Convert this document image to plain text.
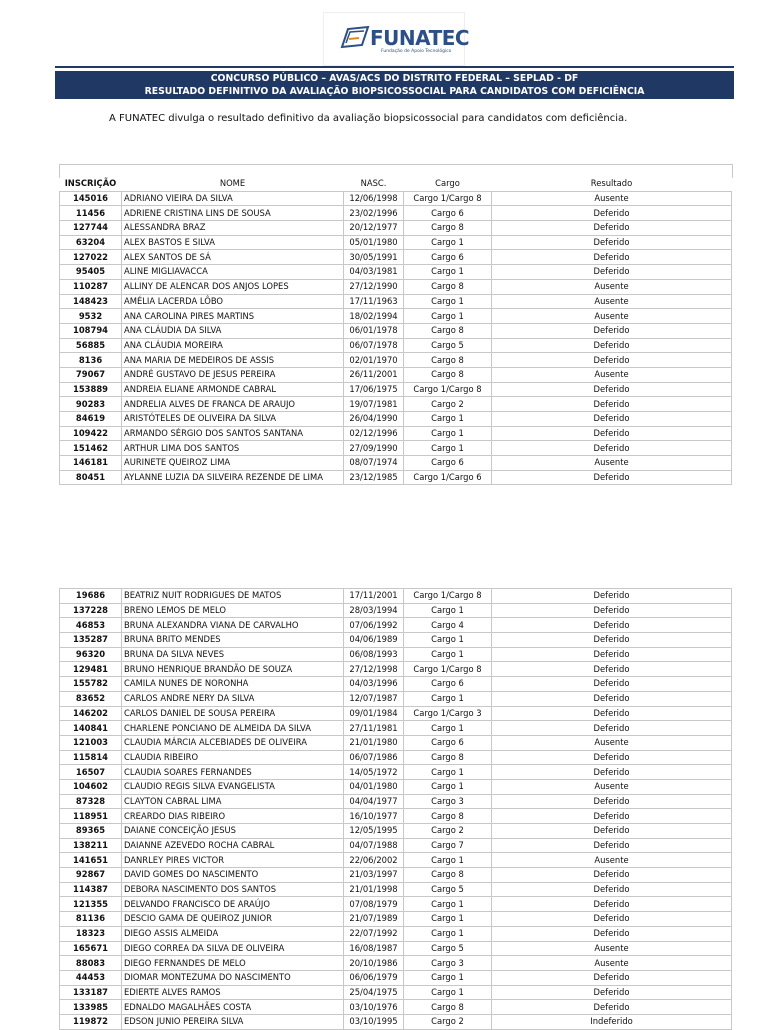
FUNATEC
Fundação de Apoio Tecnológico
CONCURSO PÚBLICO – AVAS/ACS DO DISTRITO FEDERAL – SEPLAD - DF
RESULTADO DEFINITIVO DA AVALIAÇÃO BIOPSICOSSOCIAL PARA CANDIDATOS COM DEFICIÊNCIA
A FUNATEC divulga o resultado definitivo da avaliação biopsicossocial para candidatos com deficiência.
INSCRIÇÃO	NOME	NASC.	Cargo	Resultado
145016	ADRIANO VIEIRA DA SILVA	12/06/1998	Cargo 1/Cargo 8	Ausente
11456	ADRIENE CRISTINA LINS DE SOUSA	23/02/1996	Cargo 6	Deferido
127744	ALESSANDRA BRAZ	20/12/1977	Cargo 8	Deferido
63204	ALEX BASTOS E SILVA	05/01/1980	Cargo 1	Deferido
127022	ALEX SANTOS DE SÁ	30/05/1991	Cargo 6	Deferido
95405	ALINE MIGLIAVACCA	04/03/1981	Cargo 1	Deferido
110287	ALLINY DE ALENCAR DOS ANJOS LOPES	27/12/1990	Cargo 8	Ausente
148423	AMÉLIA LACERDA LÔBO	17/11/1963	Cargo 1	Ausente
9532	ANA CAROLINA PIRES MARTINS	18/02/1994	Cargo 1	Ausente
108794	ANA CLÁUDIA DA SILVA	06/01/1978	Cargo 8	Deferido
56885	ANA CLÁUDIA MOREIRA	06/07/1978	Cargo 5	Deferido
8136	ANA MARIA DE MEDEIROS DE ASSIS	02/01/1970	Cargo 8	Deferido
79067	ANDRÉ GUSTAVO DE JESUS PEREIRA	26/11/2001	Cargo 8	Ausente
153889	ANDREIA ELIANE ARMONDE CABRAL	17/06/1975	Cargo 1/Cargo 8	Deferido
90283	ANDRELIA ALVES DE FRANCA DE ARAUJO	19/07/1981	Cargo 2	Deferido
84619	ARISTÓTELES DE OLIVEIRA DA SILVA	26/04/1990	Cargo 1	Deferido
109422	ARMANDO SÉRGIO DOS SANTOS SANTANA	02/12/1996	Cargo 1	Deferido
151462	ARTHUR LIMA DOS SANTOS	27/09/1990	Cargo 1	Deferido
146181	AURINETE QUEIROZ LIMA	08/07/1974	Cargo 6	Ausente
80451	AYLANNE LUZIA DA SILVEIRA REZENDE DE LIMA	23/12/1985	Cargo 1/Cargo 6	Deferido
19686	BEATRIZ NUIT RODRIGUES DE MATOS	17/11/2001	Cargo 1/Cargo 8	Deferido
137228	BRENO LEMOS DE MELO	28/03/1994	Cargo 1	Deferido
46853	BRUNA ALEXANDRA VIANA DE CARVALHO	07/06/1992	Cargo 4	Deferido
135287	BRUNA BRITO MENDES	04/06/1989	Cargo 1	Deferido
96320	BRUNA DA SILVA NEVES	06/08/1993	Cargo 1	Deferido
129481	BRUNO HENRIQUE BRANDÃO DE SOUZA	27/12/1998	Cargo 1/Cargo 8	Deferido
155782	CAMILA NUNES DE NORONHA	04/03/1996	Cargo 6	Deferido
83652	CARLOS ANDRE NERY DA SILVA	12/07/1987	Cargo 1	Deferido
146202	CARLOS DANIEL DE SOUSA PEREIRA	09/01/1984	Cargo 1/Cargo 3	Deferido
140841	CHARLENE PONCIANO DE ALMEIDA DA SILVA	27/11/1981	Cargo 1	Deferido
121003	CLAUDIA MÁRCIA ALCEBIADES DE OLIVEIRA	21/01/1980	Cargo 6	Ausente
115814	CLAUDIA RIBEIRO	06/07/1986	Cargo 8	Deferido
16507	CLAUDIA SOARES FERNANDES	14/05/1972	Cargo 1	Deferido
104602	CLAUDIO REGIS SILVA EVANGELISTA	04/01/1980	Cargo 1	Ausente
87328	CLAYTON CABRAL LIMA	04/04/1977	Cargo 3	Deferido
118951	CREARDO DIAS RIBEIRO	16/10/1977	Cargo 8	Deferido
89365	DAIANE CONCEIÇÃO JESUS	12/05/1995	Cargo 2	Deferido
138211	DAIANNE AZEVEDO ROCHA CABRAL	04/07/1988	Cargo 7	Deferido
141651	DANRLEY PIRES VICTOR	22/06/2002	Cargo 1	Ausente
92867	DAVID GOMES DO NASCIMENTO	21/03/1997	Cargo 8	Deferido
114387	DEBORA NASCIMENTO DOS SANTOS	21/01/1998	Cargo 5	Deferido
121355	DELVANDO FRANCISCO DE ARAÚJO	07/08/1979	Cargo 1	Deferido
81136	DESCIO GAMA DE QUEIROZ JUNIOR	21/07/1989	Cargo 1	Deferido
18323	DIEGO ASSIS ALMEIDA	22/07/1992	Cargo 1	Deferido
165671	DIEGO CORREA DA SILVA DE OLIVEIRA	16/08/1987	Cargo 5	Ausente
88083	DIEGO FERNANDES DE MELO	20/10/1986	Cargo 3	Ausente
44453	DIOMAR MONTEZUMA DO NASCIMENTO	06/06/1979	Cargo 1	Deferido
133187	EDIERTE ALVES RAMOS	25/04/1975	Cargo 1	Deferido
133985	EDNALDO MAGALHÃES COSTA	03/10/1976	Cargo 8	Deferido
119872	EDSON JUNIO PEREIRA SILVA	03/10/1995	Cargo 2	Indeferido
